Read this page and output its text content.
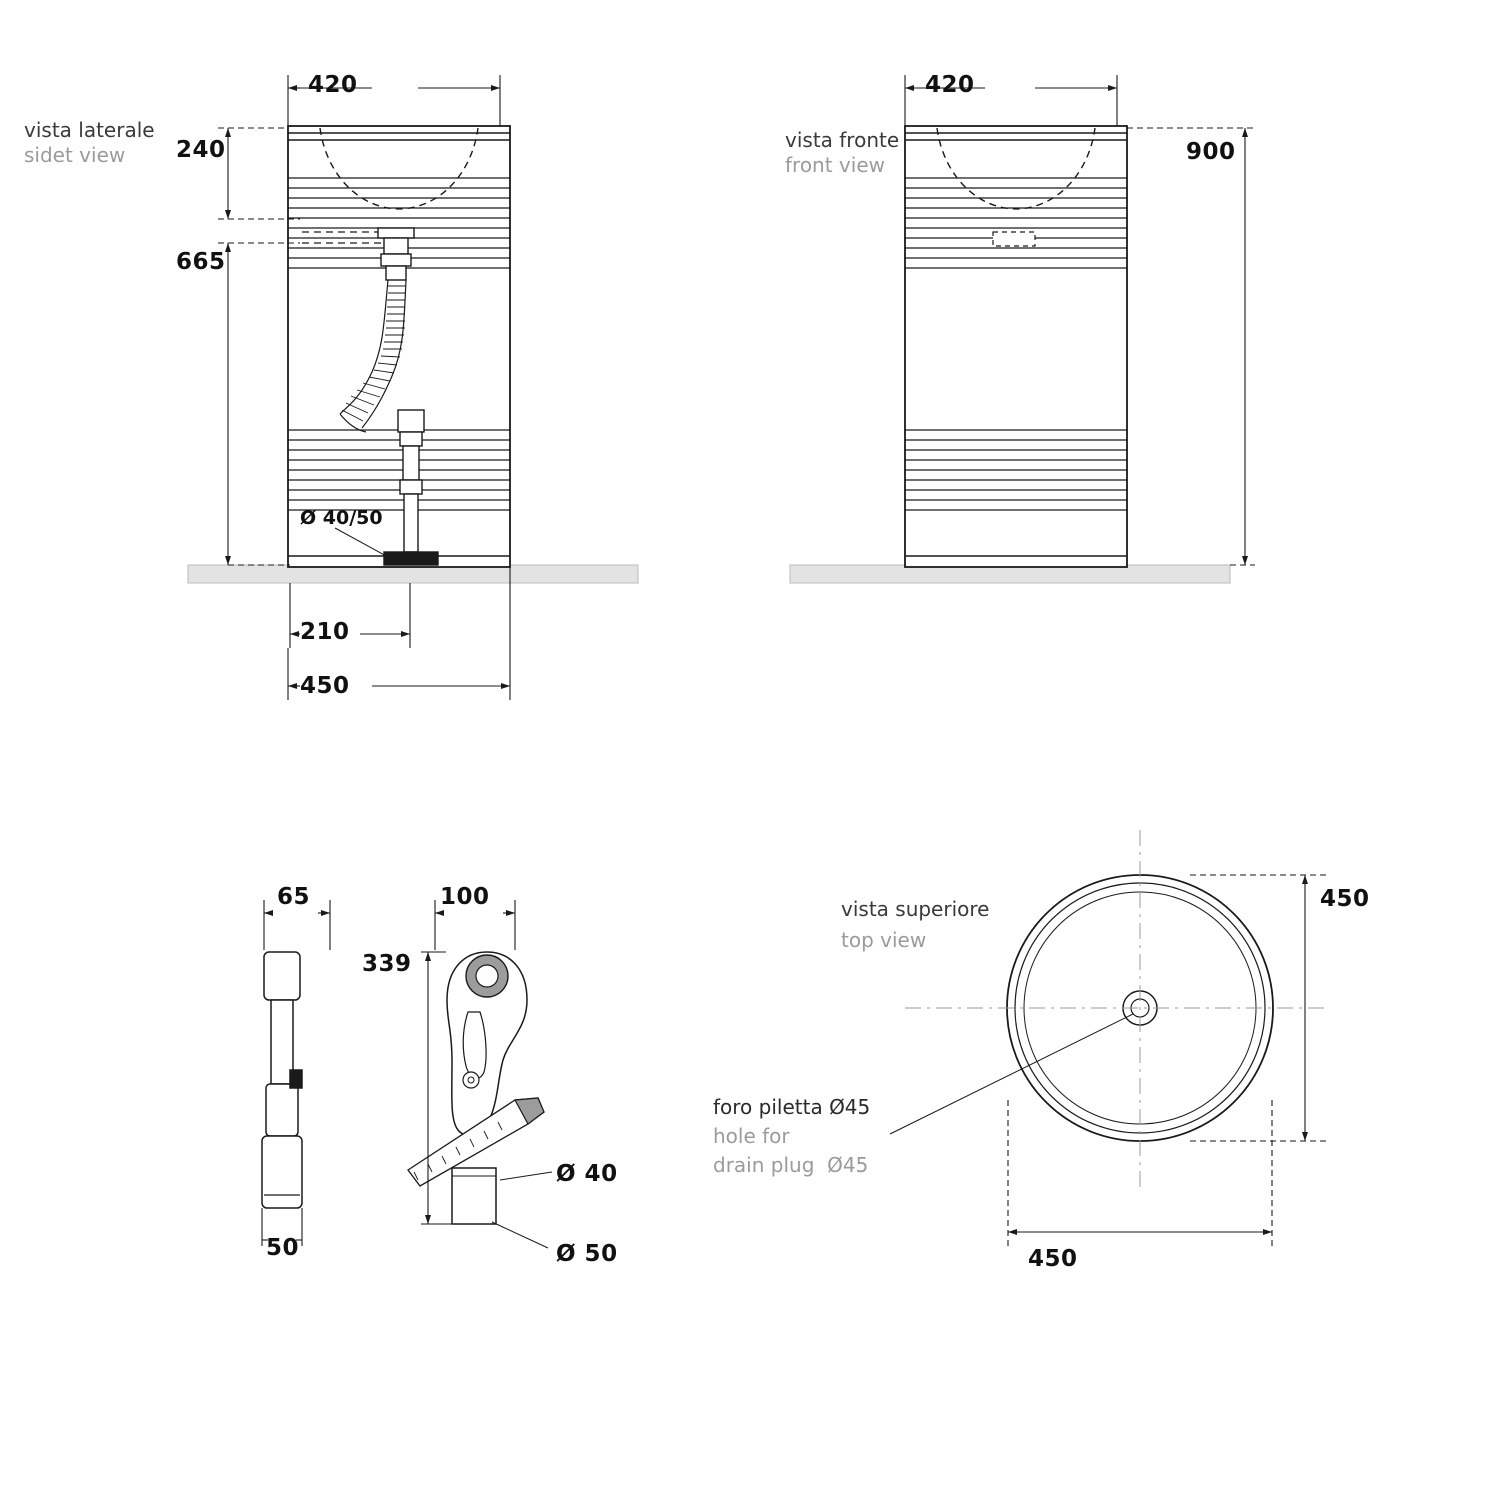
vista laterale
sidet view
420
240
665
210
450
Ø 40/50
vista fronte
front view
420
900
65
50
100
339
Ø 40
Ø 50
vista superiore
top view
450
450
foro piletta Ø45
hole for
drain plug  Ø45
